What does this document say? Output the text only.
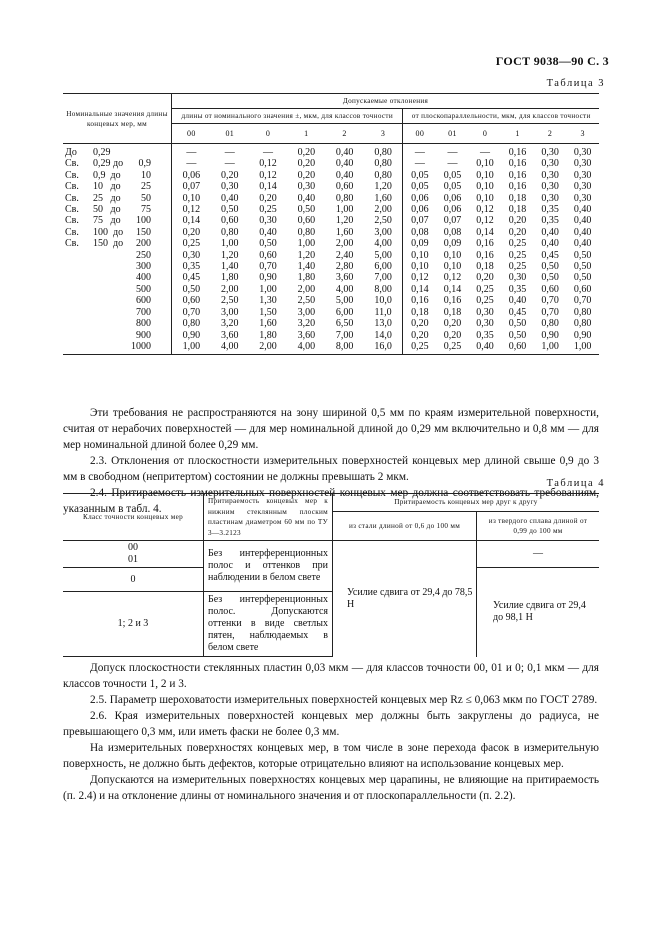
ГОСТ 9038—90 С. 3
Таблица 3
Номинальные значения длины концевых мер, мм	Допускаемые отклонения											
	длины от номинального значения ±, мкм, для классов точности						от плоскопараллельности, мкм, для классов точности					
	00	01	0	1	2	3	00	01	0	1	2	3
До 0,29	—	—	—	0,20	0,40	0,80	—	—	—	0,16	0,30	0,30
Св. 0,29 до 0,9	—	—	0,12	0,20	0,40	0,80	—	—	0,10	0,16	0,30	0,30
Св. 0,9  до 10	0,06	0,20	0,12	0,20	0,40	0,80	0,05	0,05	0,10	0,16	0,30	0,30
Св. 10   до 25	0,07	0,30	0,14	0,30	0,60	1,20	0,05	0,05	0,10	0,16	0,30	0,30
Св. 25   до 50	0,10	0,40	0,20	0,40	0,80	1,60	0,06	0,06	0,10	0,18	0,30	0,30
Св. 50   до 75	0,12	0,50	0,25	0,50	1,00	2,00	0,06	0,06	0,12	0,18	0,35	0,40
Св. 75   до 100	0,14	0,60	0,30	0,60	1,20	2,50	0,07	0,07	0,12	0,20	0,35	0,40
Св. 100  до 150	0,20	0,80	0,40	0,80	1,60	3,00	0,08	0,08	0,14	0,20	0,40	0,40
Св. 150  до 200	0,25	1,00	0,50	1,00	2,00	4,00	0,09	0,09	0,16	0,25	0,40	0,40
250	0,30	1,20	0,60	1,20	2,40	5,00	0,10	0,10	0,16	0,25	0,45	0,50
300	0,35	1,40	0,70	1,40	2,80	6,00	0,10	0,10	0,18	0,25	0,50	0,50
400	0,45	1,80	0,90	1,80	3,60	7,00	0,12	0,12	0,20	0,30	0,50	0,50
500	0,50	2,00	1,00	2,00	4,00	8,00	0,14	0,14	0,25	0,35	0,60	0,60
600	0,60	2,50	1,30	2,50	5,00	10,0	0,16	0,16	0,25	0,40	0,70	0,70
700	0,70	3,00	1,50	3,00	6,00	11,0	0,18	0,18	0,30	0,45	0,70	0,80
800	0,80	3,20	1,60	3,20	6,50	13,0	0,20	0,20	0,30	0,50	0,80	0,80
900	0,90	3,60	1,80	3,60	7,00	14,0	0,20	0,20	0,35	0,50	0,90	0,90
1000	1,00	4,00	2,00	4,00	8,00	16,0	0,25	0,25	0,40	0,60	1,00	1,00

Эти требования не распространяются на зону шириной 0,5 мм по краям измерительной поверхности, считая от нерабочих поверхностей — для мер номинальной длиной до 0,29 мм включительно и 0,8 мм — для мер номинальной длиной более 0,29 мм.

2.3. Отклонения от плоскостности измерительных поверхностей концевых мер длиной свыше 0,9 до 3 мм в свободном (непритертом) состоянии не должны превышать 2 мкм.

2.4. Притираемость измерительных поверхностей концевых мер должна соответствовать требованиям, указанным в табл. 4.

Таблица 4
Класс точности концевых мер	Притираемость концевых мер к нижним стеклянным плоским пластинам диаметром 60 мм по ТУ 3—3.2123	Притираемость концевых мер друг к другу	
		из стали длиной от 0,6 до 100 мм	из твердого сплава длиной от 0,99 до 100 мм
00
01	Без интерференционных полос и оттенков при наблюдении в белом свете	Усилие сдвига от 29,4 до 78,5 Н	—
0			Усилие сдвига от 29,4 до 98,1 Н
1; 2 и 3	Без интерференционных полос. Допускаются оттенки в виде светлых пятен, наблюдаемых в белом свете		

Допуск плоскостности стеклянных пластин 0,03 мкм — для классов точности 00, 01 и 0; 0,1 мкм — для классов точности 1, 2 и 3.

2.5. Параметр шероховатости измерительных поверхностей концевых мер Rz ≤ 0,063 мкм по ГОСТ 2789.

2.6. Края измерительных поверхностей концевых мер должны быть закруглены до радиуса, не превышающего 0,3 мм, или иметь фаски не более 0,3 мм.

На измерительных поверхностях концевых мер, в том числе в зоне перехода фасок в измерительную поверхность, не должно быть дефектов, которые отрицательно влияют на использование концевых мер.

Допускаются на измерительных поверхностях концевых мер царапины, не влияющие на притираемость (п. 2.4) и на отклонение длины от номинального значения и от плоскопараллельности (п. 2.2).
